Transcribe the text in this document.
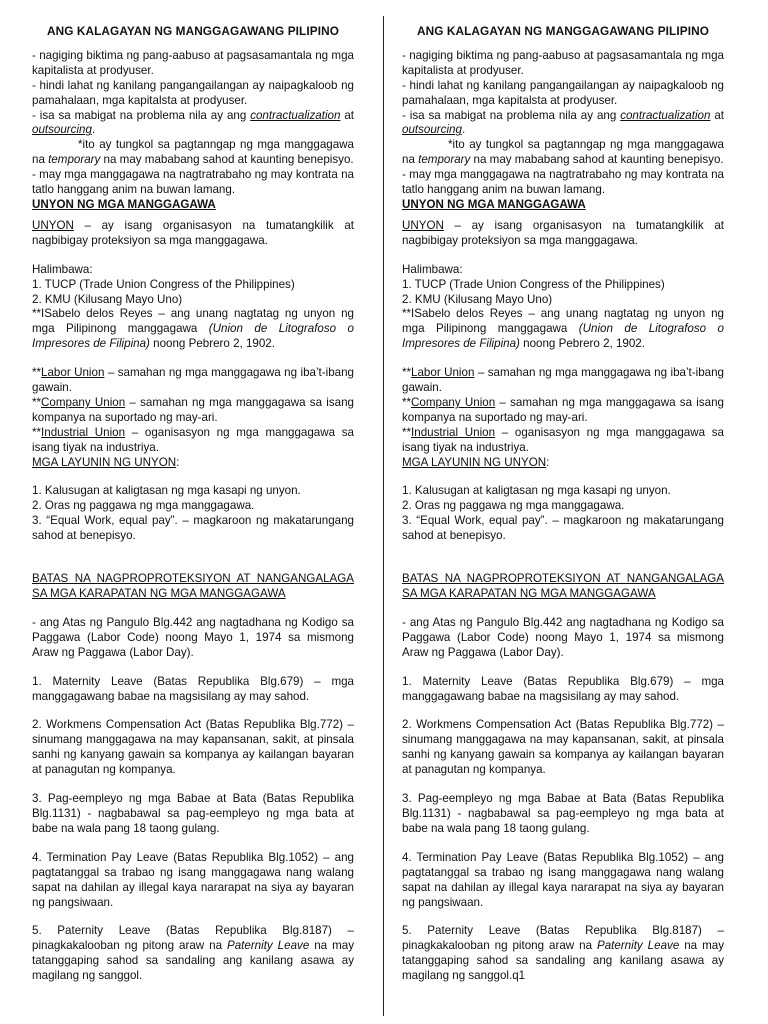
ANG KALAGAYAN NG MANGGAGAWANG PILIPINO

- nagiging biktima ng pang-aabuso at pagsasamantala ng mga kapitalista at prodyuser.

- hindi lahat ng kanilang pangangailangan ay naipagkaloob ng pamahalaan, mga kapitalsta at prodyuser.

- isa sa mabigat na problema nila ay ang contractualization at outsourcing.

*ito ay tungkol sa pagtanngap ng mga manggagawa na temporary na may mababang sahod at kaunting benepisyo.

- may mga manggagawa na nagtratrabaho ng may kontrata na tatlo hanggang anim na buwan lamang.

UNYON NG MGA MANGGAGAWA

UNYON – ay isang organisasyon na tumatangkilik at nagbibigay proteksiyon sa mga manggagawa.

Halimbawa:

1. TUCP (Trade Union Congress of the Philippines)

2. KMU (Kilusang Mayo Uno)

**ISabelo delos Reyes – ang unang nagtatag ng unyon ng mga Pilipinong manggagawa (Union de Litografoso o Impresores de Filipina) noong Pebrero 2, 1902.

**Labor Union – samahan ng mga manggagawa ng iba’t-ibang gawain.

**Company Union – samahan ng mga manggagawa sa isang kompanya na suportado ng may-ari.

**Industrial Union – oganisasyon ng mga manggagawa sa isang tiyak na industriya.

MGA LAYUNIN NG UNYON:

1. Kalusugan at kaligtasan ng mga kasapi ng unyon.

2. Oras ng paggawa ng mga manggagawa.

3. “Equal Work, equal pay”. – magkaroon ng makatarungang sahod at benepisyo.

BATAS NA NAGPROPROTEKSIYON AT NANGANGALAGA SA MGA KARAPATAN NG MGA MANGGAGAWA

- ang Atas ng Pangulo Blg.442 ang nagtadhana ng Kodigo sa Paggawa (Labor Code) noong Mayo 1, 1974 sa mismong Araw ng Paggawa (Labor Day).

1. Maternity Leave (Batas Republika Blg.679) – mga manggagawang babae na magsisilang ay may sahod.

2. Workmens Compensation Act (Batas Republika Blg.772) – sinumang manggagawa na may kapansanan, sakit, at pinsala sanhi ng kanyang gawain sa kompanya ay kailangan bayaran at panagutan ng kompanya.

3. Pag-eempleyo ng mga Babae at Bata (Batas Republika Blg.1131) - nagbabawal sa pag-eempleyo ng mga bata at babe na wala pang 18 taong gulang.

4. Termination Pay Leave (Batas Republika Blg.1052) – ang pagtatanggal sa trabao ng isang manggagawa nang walang sapat na dahilan ay illegal kaya nararapat na siya ay bayaran ng pangsiwaan.

5. Paternity Leave (Batas Republika Blg.8187) – pinagkakalooban ng pitong araw na Paternity Leave na may tatanggaping sahod sa sandaling ang kanilang asawa ay magilang ng sanggol.

ANG KALAGAYAN NG MANGGAGAWANG PILIPINO

- nagiging biktima ng pang-aabuso at pagsasamantala ng mga kapitalista at prodyuser.

- hindi lahat ng kanilang pangangailangan ay naipagkaloob ng pamahalaan, mga kapitalsta at prodyuser.

- isa sa mabigat na problema nila ay ang contractualization at outsourcing.

*ito ay tungkol sa pagtanngap ng mga manggagawa na temporary na may mababang sahod at kaunting benepisyo.

- may mga manggagawa na nagtratrabaho ng may kontrata na tatlo hanggang anim na buwan lamang.

UNYON NG MGA MANGGAGAWA

UNYON – ay isang organisasyon na tumatangkilik at nagbibigay proteksiyon sa mga manggagawa.

Halimbawa:

1. TUCP (Trade Union Congress of the Philippines)

2. KMU (Kilusang Mayo Uno)

**ISabelo delos Reyes – ang unang nagtatag ng unyon ng mga Pilipinong manggagawa (Union de Litografoso o Impresores de Filipina) noong Pebrero 2, 1902.

**Labor Union – samahan ng mga manggagawa ng iba’t-ibang gawain.

**Company Union – samahan ng mga manggagawa sa isang kompanya na suportado ng may-ari.

**Industrial Union – oganisasyon ng mga manggagawa sa isang tiyak na industriya.

MGA LAYUNIN NG UNYON:

1. Kalusugan at kaligtasan ng mga kasapi ng unyon.

2. Oras ng paggawa ng mga manggagawa.

3. “Equal Work, equal pay”. – magkaroon ng makatarungang sahod at benepisyo.

BATAS NA NAGPROPROTEKSIYON AT NANGANGALAGA SA MGA KARAPATAN NG MGA MANGGAGAWA

- ang Atas ng Pangulo Blg.442 ang nagtadhana ng Kodigo sa Paggawa (Labor Code) noong Mayo 1, 1974 sa mismong Araw ng Paggawa (Labor Day).

1. Maternity Leave (Batas Republika Blg.679) – mga manggagawang babae na magsisilang ay may sahod.

2. Workmens Compensation Act (Batas Republika Blg.772) – sinumang manggagawa na may kapansanan, sakit, at pinsala sanhi ng kanyang gawain sa kompanya ay kailangan bayaran at panagutan ng kompanya.

3. Pag-eempleyo ng mga Babae at Bata (Batas Republika Blg.1131) - nagbabawal sa pag-eempleyo ng mga bata at babe na wala pang 18 taong gulang.

4. Termination Pay Leave (Batas Republika Blg.1052) – ang pagtatanggal sa trabao ng isang manggagawa nang walang sapat na dahilan ay illegal kaya nararapat na siya ay bayaran ng pangsiwaan.

5. Paternity Leave (Batas Republika Blg.8187) – pinagkakalooban ng pitong araw na Paternity Leave na may tatanggaping sahod sa sandaling ang kanilang asawa ay magilang ng sanggol.q1
